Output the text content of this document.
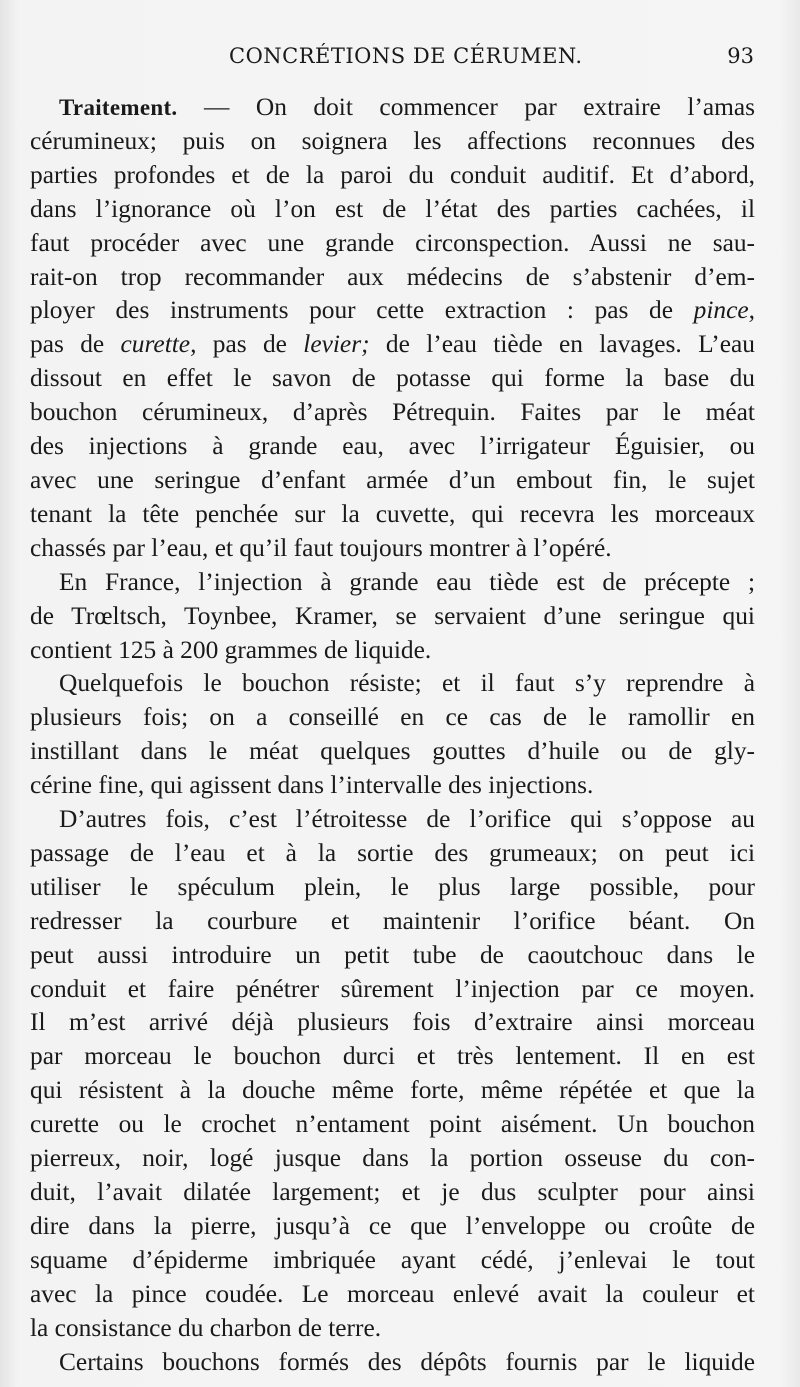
CONCRÉTIONS DE CÉRUMEN.	93

Traitement. — On doit commencer par extraire l’amas
cérumineux; puis on soignera les affections reconnues des
parties profondes et de la paroi du conduit auditif. Et d’abord,
dans l’ignorance où l’on est de l’état des parties cachées, il
faut procéder avec une grande circonspection. Aussi ne sau-
rait-on trop recommander aux médecins de s’abstenir d’em-
ployer des instruments pour cette extraction : pas de pince,
pas de curette, pas de levier; de l’eau tiède en lavages. L’eau
dissout en effet le savon de potasse qui forme la base du
bouchon cérumineux, d’après Pétrequin. Faites par le méat
des injections à grande eau, avec l’irrigateur Éguisier, ou
avec une seringue d’enfant armée d’un embout fin, le sujet
tenant la tête penchée sur la cuvette, qui recevra les morceaux
chassés par l’eau, et qu’il faut toujours montrer à l’opéré.

En France, l’injection à grande eau tiède est de précepte ;
de Trœltsch, Toynbee, Kramer, se servaient d’une seringue qui
contient 125 à 200 grammes de liquide.

Quelquefois le bouchon résiste; et il faut s’y reprendre à
plusieurs fois; on a conseillé en ce cas de le ramollir en
instillant dans le méat quelques gouttes d’huile ou de gly-
cérine fine, qui agissent dans l’intervalle des injections.

D’autres fois, c’est l’étroitesse de l’orifice qui s’oppose au
passage de l’eau et à la sortie des grumeaux; on peut ici
utiliser le spéculum plein, le plus large possible, pour
redresser la courbure et maintenir l’orifice béant. On
peut aussi introduire un petit tube de caoutchouc dans le
conduit et faire pénétrer sûrement l’injection par ce moyen.
Il m’est arrivé déjà plusieurs fois d’extraire ainsi morceau
par morceau le bouchon durci et très lentement. Il en est
qui résistent à la douche même forte, même répétée et que la
curette ou le crochet n’entament point aisément. Un bouchon
pierreux, noir, logé jusque dans la portion osseuse du con-
duit, l’avait dilatée largement; et je dus sculpter pour ainsi
dire dans la pierre, jusqu’à ce que l’enveloppe ou croûte de
squame d’épiderme imbriquée ayant cédé, j’enlevai le tout
avec la pince coudée. Le morceau enlevé avait la couleur et
la consistance du charbon de terre.

Certains bouchons formés des dépôts fournis par le liquide
